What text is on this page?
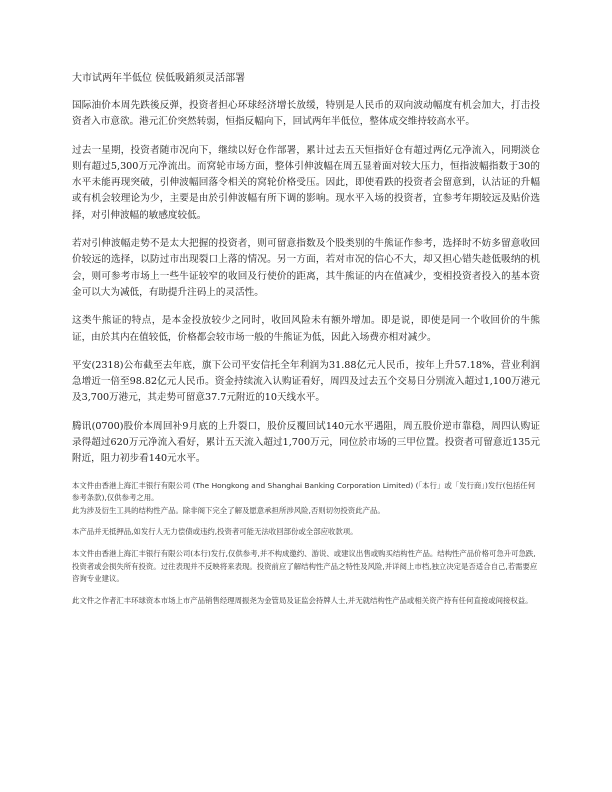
大市试两年半低位 侯低吸銷须灵活部署

国际油价本周先跌後反弹，投资者担心环球经济增长放缓，特别是人民币的双向波动幅度有机会加大，打击投资者入市意欲。港元汇价突然转弱，恒指反幅向下，回试两年半低位，整体成交维持较高水平。

过去一星期，投资者随市况向下，继续以好仓作部署，累计过去五天恒指好仓有超过两亿元净流入，同期淡仓则有超过5,300万元净流出。而窝轮市场方面，整体引伸波幅在周五显着面对较大压力，恒指波幅指数于30的水平未能再现突破，引伸波幅回落令相关的窝轮价格受压。因此，即使看跌的投资者会留意到，认沽证的升幅或有机会较理论为少，主要是由於引伸波幅有所下调的影响。现水平入场的投资者，宜参考年期较远及贴价选择，对引伸波幅的敏感度较低。

若对引伸波幅走势不是太大把握的投资者，则可留意指数及个股类别的牛熊证作参考，选择时不妨多留意收回价较远的选择，以防过市出现裂口上落的情况。另一方面，若对市况的信心不大，却又担心错失趁低吸纳的机会，则可参考市场上一些牛证较窄的收回及行使价的距离，其牛熊证的内在值减少，变相投资者投入的基本资金可以大为减低，有助提升注码上的灵活性。

这类牛熊证的特点，是本金投放较少之同时，收回风险未有额外增加。即是说，即使是同一个收回价的牛熊证，由於其内在值较低，价格都会较市场一般的牛熊证为低，因此入场费亦相对减少。

平安(2318)公布截至去年底，旗下公司平安信托全年利润为31.88亿元人民币，按年上升57.18%，营业利润急增近一倍至98.82亿元人民币。资金持续流入认购证看好，周四及过去五个交易日分别流入超过1,100万港元及3,700万港元，其走势可留意37.7元附近的10天线水平。

腾讯(0700)股价本周回补9月底的上升裂口，股价反覆回试140元水平遇阻，周五股价逆市靠稳，周四认购证录得超过620万元净流入看好，累计五天流入超过1,700万元，同位於市场的三甲位置。投资者可留意近135元附近，阻力初步看140元水平。

本文件由香港上海汇丰银行有限公司 (The Hongkong and Shanghai Banking Corporation Limited) (「本行」或「发行商」)发行(包括任何参考条款),仅供参考之用。
此为涉及衍生工具的结构性产品。除非阁下完全了解及愿意承担所涉风险,否则切勿投资此产品。

本产品并无抵押品,如发行人无力偿债或违约,投资者可能无法收回部份或全部应收款项。

本文件由香港上海汇丰银行有限公司(本行)发行,仅供参考,并不构成邀约、游说、或建议出售或购买结构性产品。结构性产品价格可急升可急跌,投资者或会损失所有投资。过往表现并不反映将来表现。投资前应了解结构性产品之特性及风险,并详阅上市档,独立决定是否适合自己,若需要应咨询专业建议。

此文件之作者汇丰环球资本市场上市产品销售经理周振尧为金管局及证监会持牌人士,并无就结构性产品或相关资产持有任何直接或间接权益。
